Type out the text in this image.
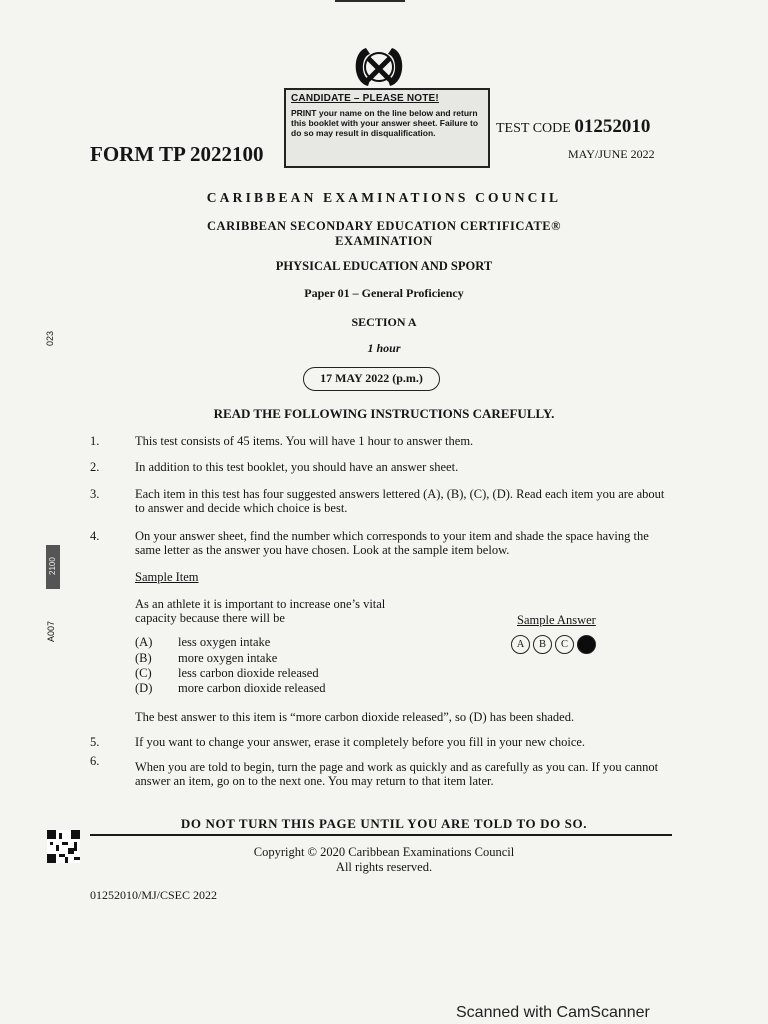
CANDIDATE – PLEASE NOTE!
PRINT your name on the line below and return this booklet with your answer sheet. Failure to do so may result in disqualification.
FORM TP 2022100
TEST CODE 01252010
MAY/JUNE 2022
CARIBBEAN EXAMINATIONS COUNCIL
CARIBBEAN SECONDARY EDUCATION CERTIFICATE®
EXAMINATION
PHYSICAL EDUCATION AND SPORT
Paper 01 – General Proficiency
SECTION A
1 hour
17 MAY 2022 (p.m.)
READ THE FOLLOWING INSTRUCTIONS CAREFULLY.
1.	This test consists of 45 items. You will have 1 hour to answer them.
2.	In addition to this test booklet, you should have an answer sheet.
3.	Each item in this test has four suggested answers lettered (A), (B), (C), (D). Read each item you are about to answer and decide which choice is best.
4.	On your answer sheet, find the number which corresponds to your item and shade the space having the same letter as the answer you have chosen. Look at the sample item below.
Sample Item
As an athlete it is important to increase one’s vital capacity because there will be
(A) less oxygen intake
(B) more oxygen intake
(C) less carbon dioxide released
(D) more carbon dioxide released
Sample Answer
A	B	C
The best answer to this item is “more carbon dioxide released”, so (D) has been shaded.
5.	If you want to change your answer, erase it completely before you fill in your new choice.
6.	When you are told to begin, turn the page and work as quickly and as carefully as you can. If you cannot answer an item, go on to the next one. You may return to that item later.
DO NOT TURN THIS PAGE UNTIL YOU ARE TOLD TO DO SO.
Copyright © 2020 Caribbean Examinations Council
All rights reserved.
01252010/MJ/CSEC 2022
023
2100
A007
Scanned with CamScanner
